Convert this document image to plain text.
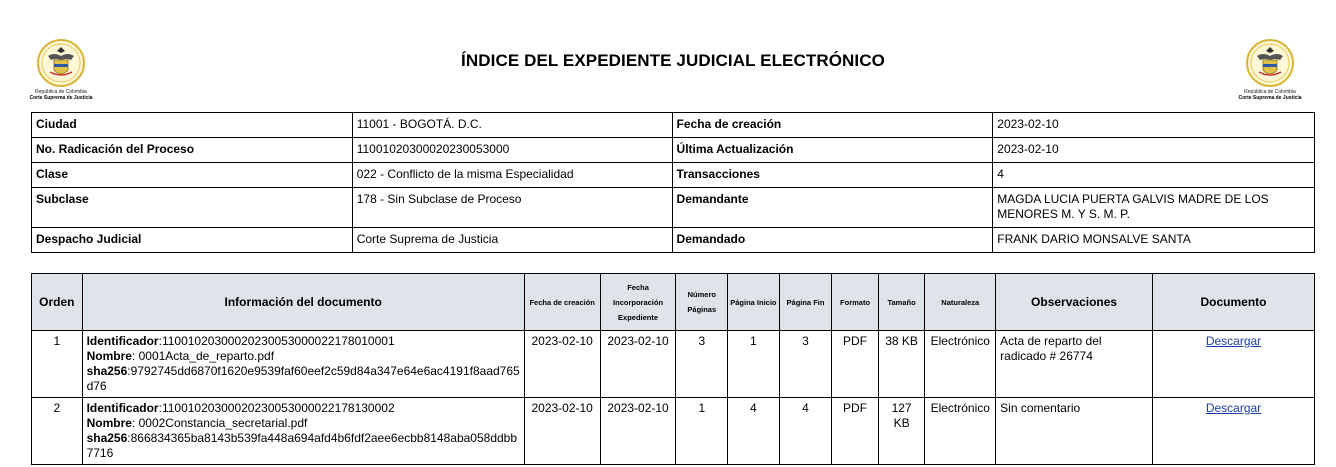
República de Colombia
Corte Suprema de Justicia
República de Colombia
Corte Suprema de Justicia
ÍNDICE DEL EXPEDIENTE JUDICIAL ELECTRÓNICO
Ciudad	11001 - BOGOTÁ. D.C.	Fecha de creación	2023-02-10
No. Radicación del Proceso	11001020300020230053000	Última Actualización	2023-02-10
Clase	022 - Conflicto de la misma Especialidad	Transacciones	4
Subclase	178 - Sin Subclase de Proceso	Demandante	MAGDA LUCIA PUERTA GALVIS MADRE DE LOS MENORES M. Y S. M. P.
Despacho Judicial	Corte Suprema de Justicia	Demandado	FRANK DARIO MONSALVE SANTA
Orden	Información del documento	Fecha de creación	Fecha Incorporación Expediente	Número Páginas	Página Inicio	Página Fin	Formato	Tamaño	Naturaleza	Observaciones	Documento
1	Identificador:11001020300020230053000022178010001
Nombre: 0001Acta_de_reparto.pdf
sha256:9792745dd6870f1620e9539faf60eef2c59d84a347e64e6ac4191f8aad765d76	2023-02-10	2023-02-10	3	1	3	PDF	38 KB	Electrónico	Acta de reparto del radicado # 26774	Descargar
2	Identificador:11001020300020230053000022178130002
Nombre: 0002Constancia_secretarial.pdf
sha256:866834365ba8143b539fa448a694afd4b6fdf2aee6ecbb8148aba058ddbb7716	2023-02-10	2023-02-10	1	4	4	PDF	127 KB	Electrónico	Sin comentario	Descargar
